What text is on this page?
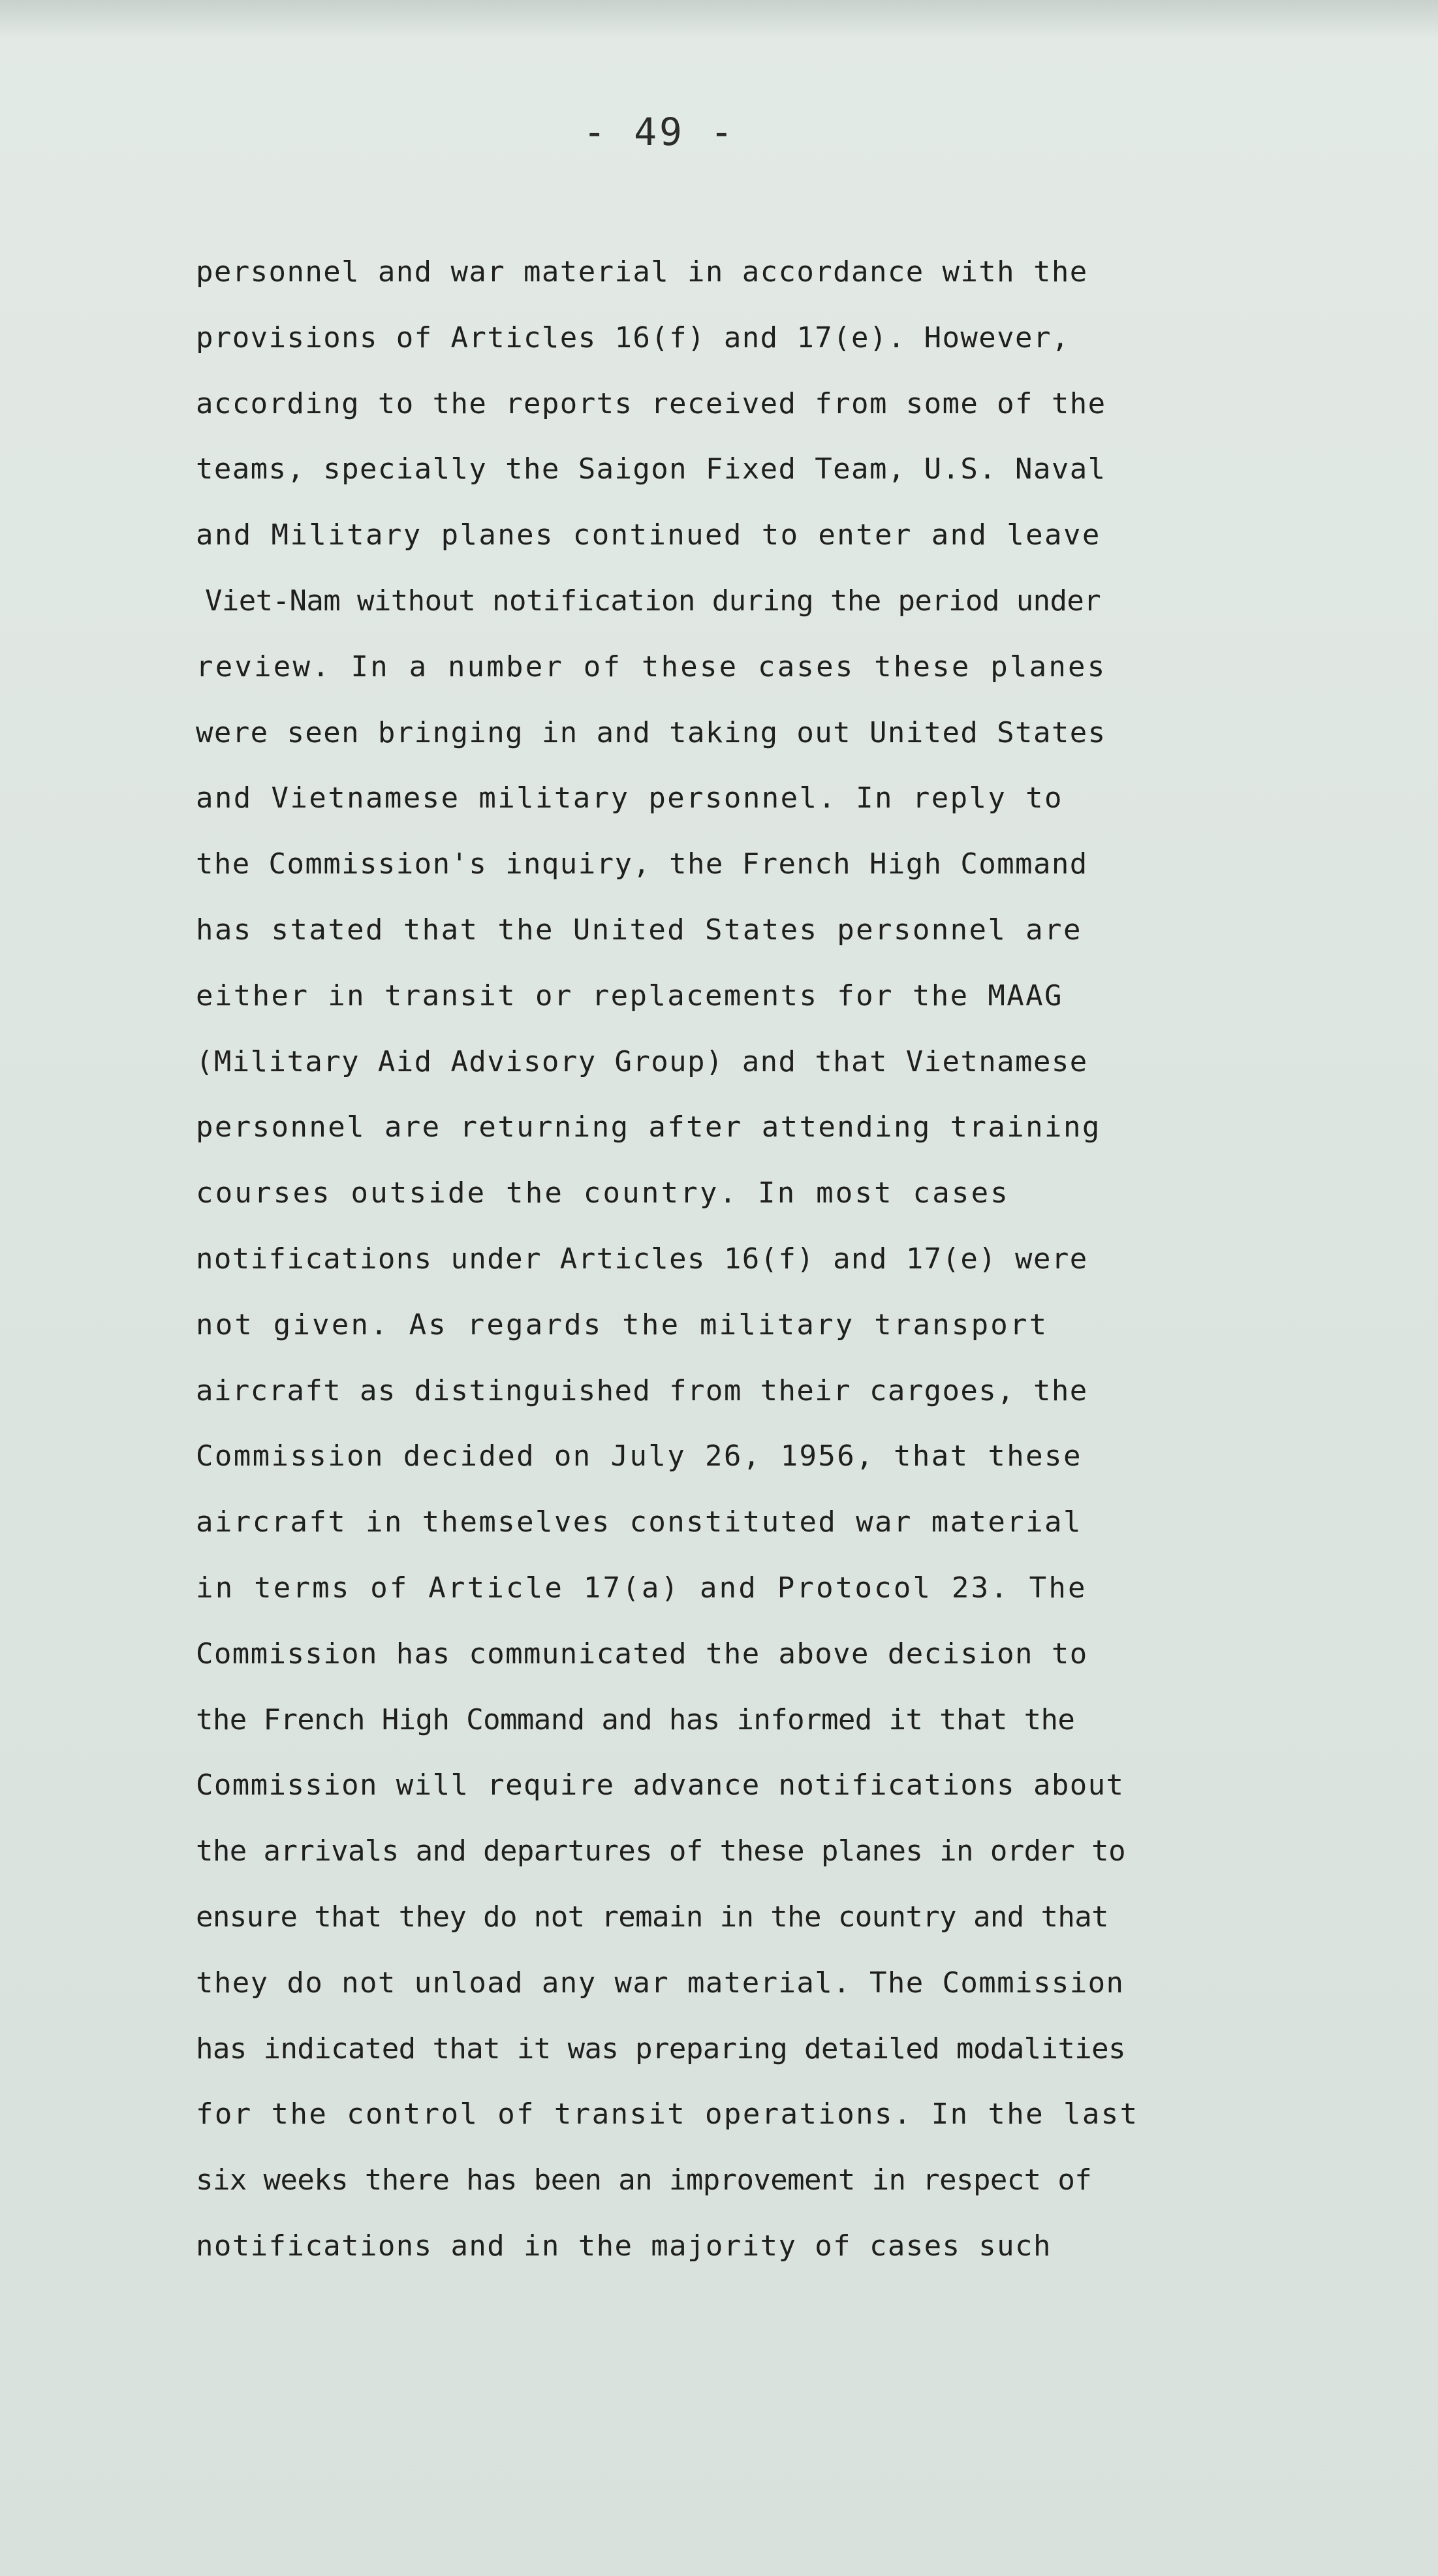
- 49 -
personnel and war material in accordance with the
provisions of Articles 16(f) and 17(e). However,
according to the reports received from some of the
teams, specially the Saigon Fixed Team, U.S. Naval
and Military planes continued to enter and leave
Viet-Nam without notification during the period under
review. In a number of these cases these planes
were seen bringing in and taking out United States
and Vietnamese military personnel. In reply to
the Commission's inquiry, the French High Command
has stated that the United States personnel are
either in transit or replacements for the MAAG
(Military Aid Advisory Group) and that Vietnamese
personnel are returning after attending training
courses outside the country. In most cases
notifications under Articles 16(f) and 17(e) were
not given. As regards the military transport
aircraft as distinguished from their cargoes, the
Commission decided on July 26, 1956, that these
aircraft in themselves constituted war material
in terms of Article 17(a) and Protocol 23. The
Commission has communicated the above decision to
the French High Command and has informed it that the
Commission will require advance notifications about
the arrivals and departures of these planes in order to
ensure that they do not remain in the country and that
they do not unload any war material. The Commission
has indicated that it was preparing detailed modalities
for the control of transit operations. In the last
six weeks there has been an improvement in respect of
notifications and in the majority of cases such
